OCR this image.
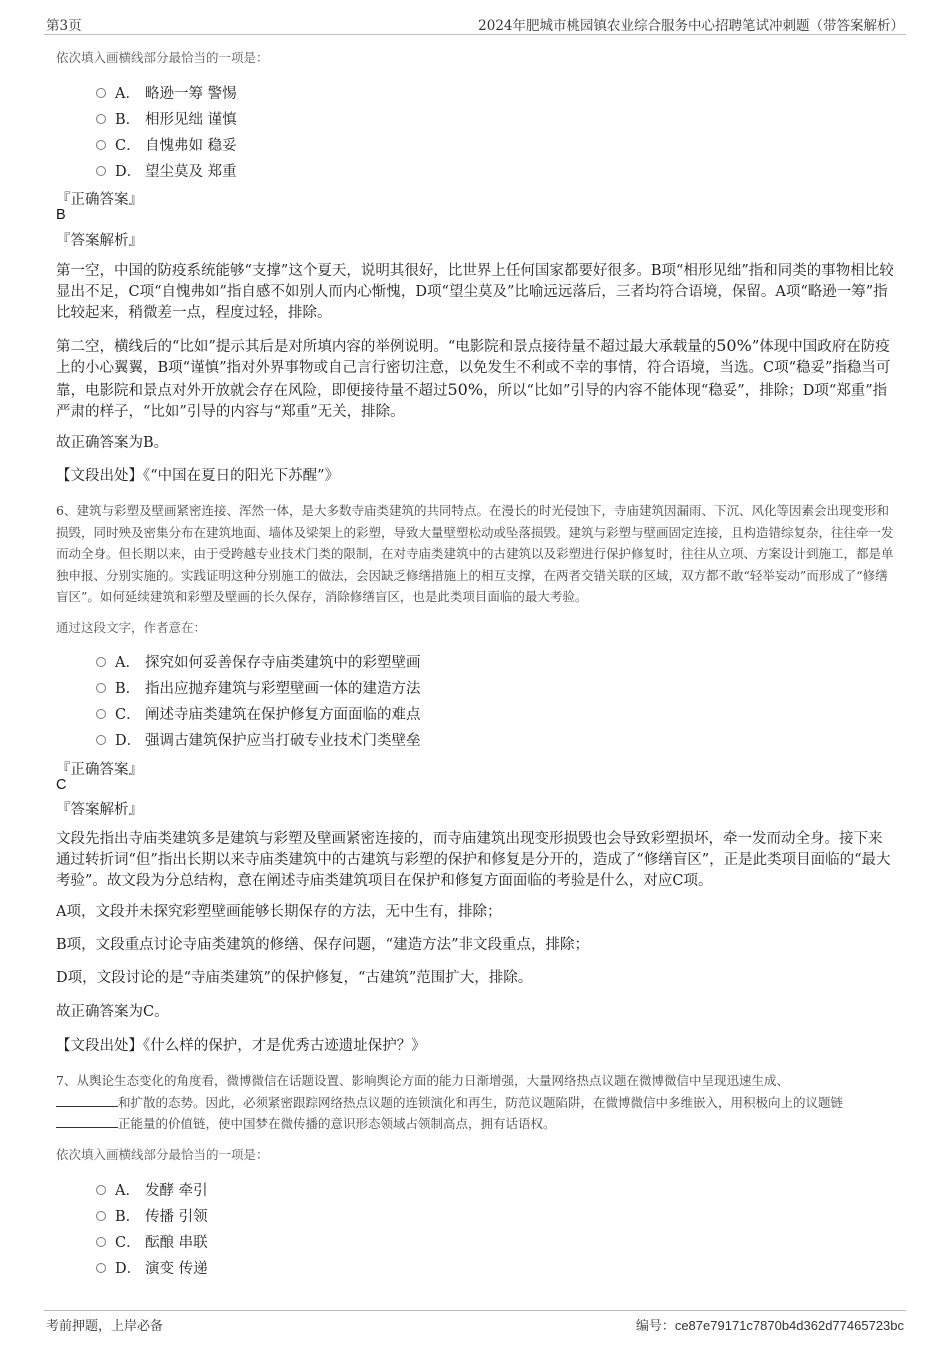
第3页	2024年肥城市桃园镇农业综合服务中心招聘笔试冲刺题（带答案解析）
依次填入画横线部分最恰当的一项是：
A． 略逊一筹 警惕
B． 相形见绌 谨慎
C． 自愧弗如 稳妥
D． 望尘莫及 郑重
『正确答案』
B
『答案解析』
第一空，中国的防疫系统能够“支撑”这个夏天，说明其很好，比世界上任何国家都要好很多。B项“相形见绌”指和同类的事物相比较显出不足，C项“自愧弗如”指自感不如别人而内心惭愧，D项“望尘莫及”比喻远远落后，三者均符合语境，保留。A项“略逊一筹”指比较起来，稍微差一点，程度过轻，排除。
第二空，横线后的“比如”提示其后是对所填内容的举例说明。“电影院和景点接待量不超过最大承载量的50%”体现中国政府在防疫上的小心翼翼，B项“谨慎”指对外界事物或自己言行密切注意，以免发生不利或不幸的事情，符合语境，当选。C项“稳妥”指稳当可靠，电影院和景点对外开放就会存在风险，即便接待量不超过50%，所以“比如”引导的内容不能体现“稳妥”，排除；D项“郑重”指严肃的样子，“比如”引导的内容与“郑重”无关，排除。
故正确答案为B。
【文段出处】《“中国在夏日的阳光下苏醒”》
6、建筑与彩塑及壁画紧密连接、浑然一体，是大多数寺庙类建筑的共同特点。在漫长的时光侵蚀下，寺庙建筑因漏雨、下沉、风化等因素会出现变形和损毁，同时殃及密集分布在建筑地面、墙体及梁架上的彩塑，导致大量壁塑松动或坠落损毁。建筑与彩塑与壁画固定连接，且构造错综复杂，往往牵一发而动全身。但长期以来，由于受跨越专业技术门类的限制，在对寺庙类建筑中的古建筑以及彩塑进行保护修复时，往往从立项、方案设计到施工，都是单独申报、分别实施的。实践证明这种分别施工的做法，会因缺乏修缮措施上的相互支撑，在两者交错关联的区域，双方都不敢“轻举妄动”而形成了“修缮盲区”。如何延续建筑和彩塑及壁画的长久保存，消除修缮盲区，也是此类项目面临的最大考验。
通过这段文字，作者意在：
A． 探究如何妥善保存寺庙类建筑中的彩塑壁画
B． 指出应抛弃建筑与彩塑壁画一体的建造方法
C． 阐述寺庙类建筑在保护修复方面面临的难点
D． 强调古建筑保护应当打破专业技术门类壁垒
『正确答案』
C
『答案解析』
文段先指出寺庙类建筑多是建筑与彩塑及壁画紧密连接的，而寺庙建筑出现变形损毁也会导致彩塑损坏，牵一发而动全身。接下来通过转折词“但”指出长期以来寺庙类建筑中的古建筑与彩塑的保护和修复是分开的，造成了“修缮盲区”，正是此类项目面临的“最大考验”。故文段为分总结构，意在阐述寺庙类建筑项目在保护和修复方面面临的考验是什么，对应C项。
A项，文段并未探究彩塑壁画能够长期保存的方法，无中生有，排除；
B项，文段重点讨论寺庙类建筑的修缮、保存问题，“建造方法”非文段重点，排除；
D项，文段讨论的是“寺庙类建筑”的保护修复，“古建筑”范围扩大，排除。
故正确答案为C。
【文段出处】《什么样的保护，才是优秀古迹遗址保护？》
7、从舆论生态变化的角度看，微博微信在话题设置、影响舆论方面的能力日渐增强，大量网络热点议题在微博微信中呈现迅速生成、
和扩散的态势。因此，必须紧密跟踪网络热点议题的连锁演化和再生，防范议题陷阱，在微博微信中多维嵌入，用积极向上的议题链
正能量的价值链，使中国梦在微传播的意识形态领域占领制高点，拥有话语权。
依次填入画横线部分最恰当的一项是：
A． 发酵 牵引
B． 传播 引领
C． 酝酿 串联
D． 演变 传递
考前押题，上岸必备	编号：ce87e79171c7870b4d362d77465723bc
